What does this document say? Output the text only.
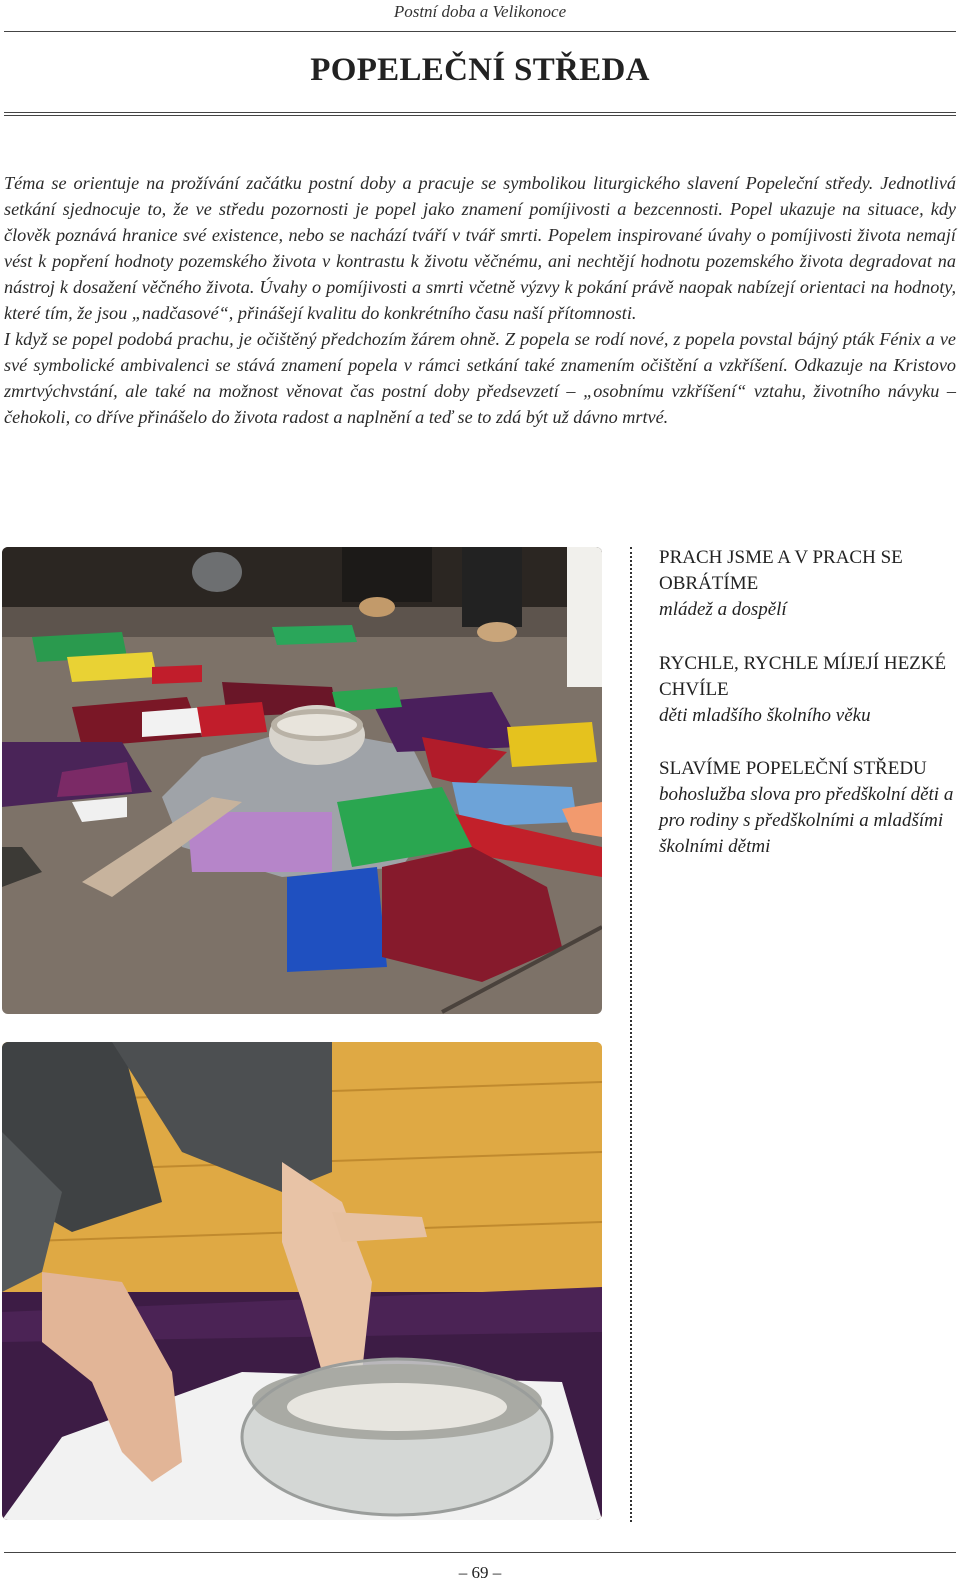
Postní doba a Velikonoce
POPELEČNÍ STŘEDA

Téma se orientuje na prožívání začátku postní doby a pracuje se symbolikou liturgického slavení Popeleční středy. Jednotlivá setkání sjednocuje to, že ve středu pozornosti je popel jako znamení pomíjivosti a bezcennosti. Popel ukazuje na situace, kdy člověk poznává hranice své existence, nebo se nachází tváří v tvář smrti. Popelem inspirované úvahy o pomíjivosti života nemají vést k popření hodnoty pozemského života v kontrastu k životu věčnému, ani nechtějí hodnotu pozemského života degradovat na nástroj k dosažení věčného života. Úvahy o pomíjivosti a smrti včetně výzvy k pokání právě naopak nabízejí orientaci na hodnoty, které tím, že jsou „nadčasové“, přinášejí kvalitu do konkrétního času naší přítomnosti.

I když se popel podobá prachu, je očištěný předchozím žárem ohně. Z popela se rodí nové, z popela povstal bájný pták Fénix a ve své symbolické ambivalenci se stává znamení popela v rámci setkání také znamením očištění a vzkříšení. Odkazuje na Kristovo zmrtvýchvstání, ale také na možnost věnovat čas postní doby předsevzetí – „osobnímu vzkříšení“ vztahu, životního návyku – čehokoli, co dříve přinášelo do života radost a naplnění a teď se to zdá být už dávno mrtvé.

PRACH JSME A V PRACH SE OBRÁTÍME
mládež a dospělí
RYCHLE, RYCHLE MÍJEJÍ HEZKÉ CHVÍLE
děti mladšího školního věku
SLAVÍME POPELEČNÍ STŘEDU
bohoslužba slova pro předškolní děti a pro rodiny s předškolními a mladšími školními dětmi
– 69 –
